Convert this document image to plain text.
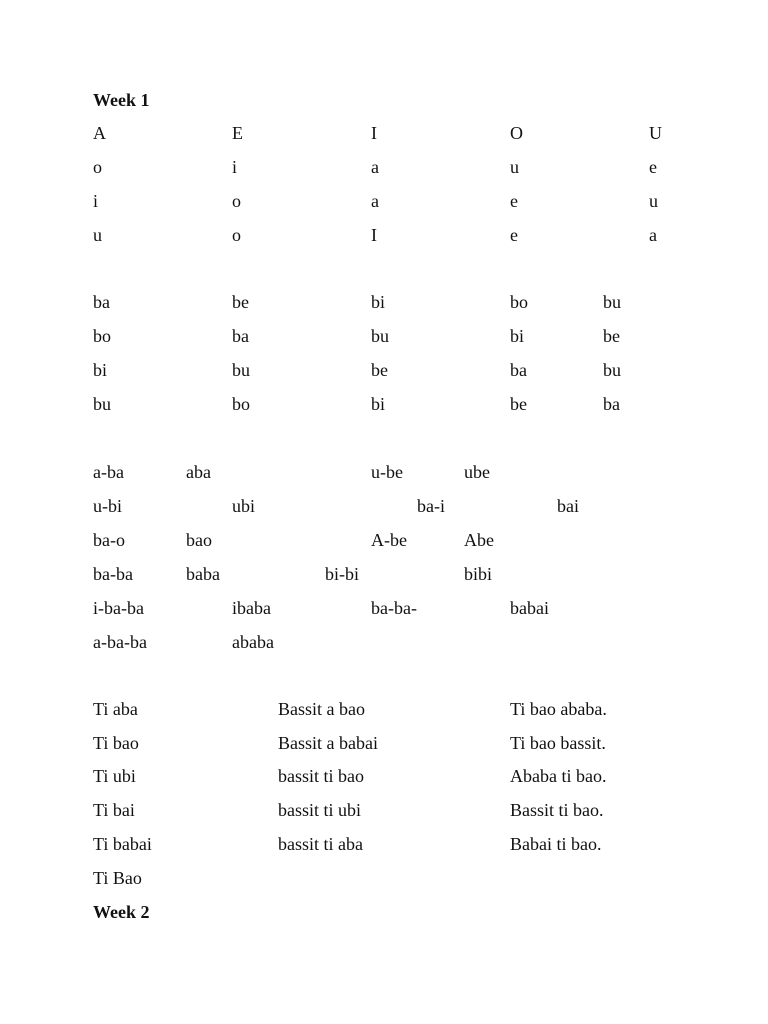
Week 1
A	E	I	O	U
o	i	a	u	e
i	o	a	e	u
u	o	I	e	a
ba	be	bi	bo	bu
bo	ba	bu	bi	be
bi	bu	be	ba	bu
bu	bo	bi	be	ba
a-ba	aba	u-be	ube
u-bi	ubi	ba-i	bai
ba-o	bao	A-be	Abe
ba-ba	baba	bi-bi	bibi
i-ba-ba	ibaba	ba-ba-	babai
a-ba-ba	ababa
Ti aba	Bassit a bao	Ti bao ababa.
Ti bao	Bassit a babai	Ti bao bassit.
Ti ubi	bassit ti bao	Ababa ti bao.
Ti bai	bassit ti ubi	Bassit ti bao.
Ti babai	bassit ti aba	Babai ti bao.
Ti Bao
Week 2
